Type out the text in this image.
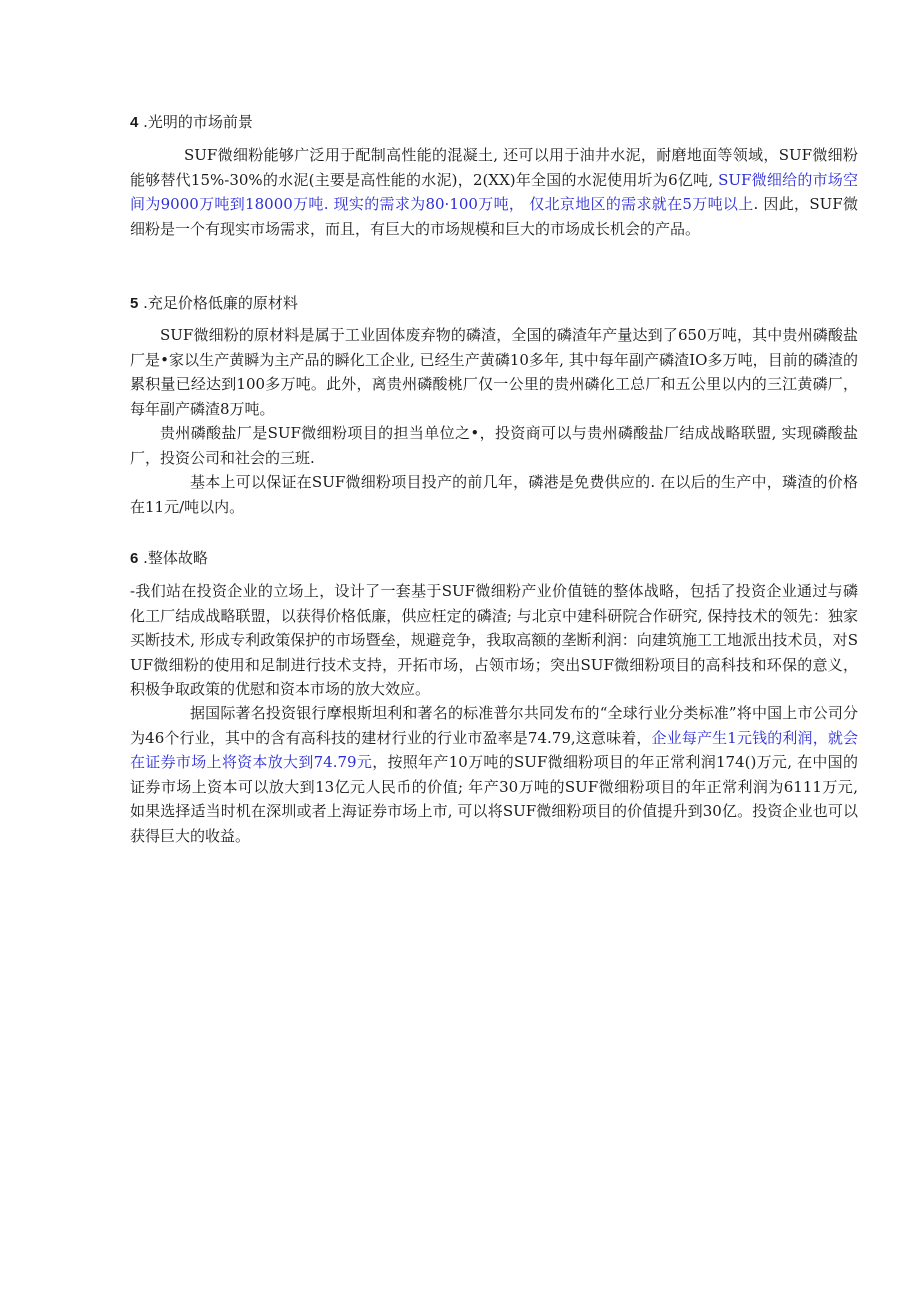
4 .光明的市场前景
SUF微细粉能够广泛用于配制高性能的混凝土, 还可以用于油井水泥，耐磨地面等领域，SUF微细粉能够替代15%-30%的水泥(主要是高性能的水泥)，2(XX)年全国的水泥使用圻为6亿吨, SUF微细给的市场空间为9000万吨到18000万吨. 现实的需求为80·100万吨， 仅北京地区的需求就在5万吨以上. 因此，SUF微细粉是一个有现实市场需求，而且，有巨大的市场规模和巨大的市场成长机会的产品。
5 .充足价格低廉的原材料
SUF微细粉的原材料是属于工业固体废弃物的磷渣，全国的磷渣年产量达到了650万吨，其中贵州磷酸盐厂是•家以生产黄瞬为主产品的瞬化工企业, 已经生产黄磷10多年, 其中每年副产磷渣IO多万吨，目前的磷渣的累积量已经达到100多万吨。此外，离贵州磷酸桃厂仅一公里的贵州磷化工总厂和五公里以内的三江黄磷厂，每年副产磷渣8万吨。
贵州磷酸盐厂是SUF微细粉项目的担当单位之•，投资商可以与贵州磷酸盐厂结成战略联盟, 实现磷酸盐厂，投资公司和社会的三班.
基本上可以保证在SUF微细粉项目投产的前几年，磷港是免费供应的. 在以后的生产中，璘渣的价格在11元/吨以内。
6 .整体故略
-我们站在投资企业的立场上，设计了一套基于SUF微细粉产业价值链的整体战略，包括了投资企业通过与磷化工厂结成战略联盟，以获得价格低廉，供应枉定的磷渣; 与北京中建科研院合作研究, 保持技术的领先：独家买断技术, 形成专利政策保护的市场暨垒，规避竞争，我取高额的垄断利润：向建筑施工工地派出技术员，对SUF微细粉的使用和足制进行技术支持，开拓市场，占领市场；突出SUF微细粉项目的高科技和环保的意义，积极争取政策的优慰和资本市场的放大效应。
据国际著名投资银行摩根斯坦利和著名的标准普尔共同发布的“全球行业分类标准”将中国上市公司分为46个行业，其中的含有高科技的建材行业的行业市盈率是74.79,这意味着，企业每产生1元钱的利润，就会在证券市场上将资本放大到74.79元，按照年产10万吨的SUF微细粉项目的年正常利润174()万元, 在中国的证券市场上资本可以放大到13亿元人民币的价值; 年产30万吨的SUF微细粉项目的年正常利润为6111万元, 如果选择适当时机在深圳或者上海证券市场上市, 可以将SUF微细粉项目的价值提升到30亿。投资企业也可以获得巨大的收益。
